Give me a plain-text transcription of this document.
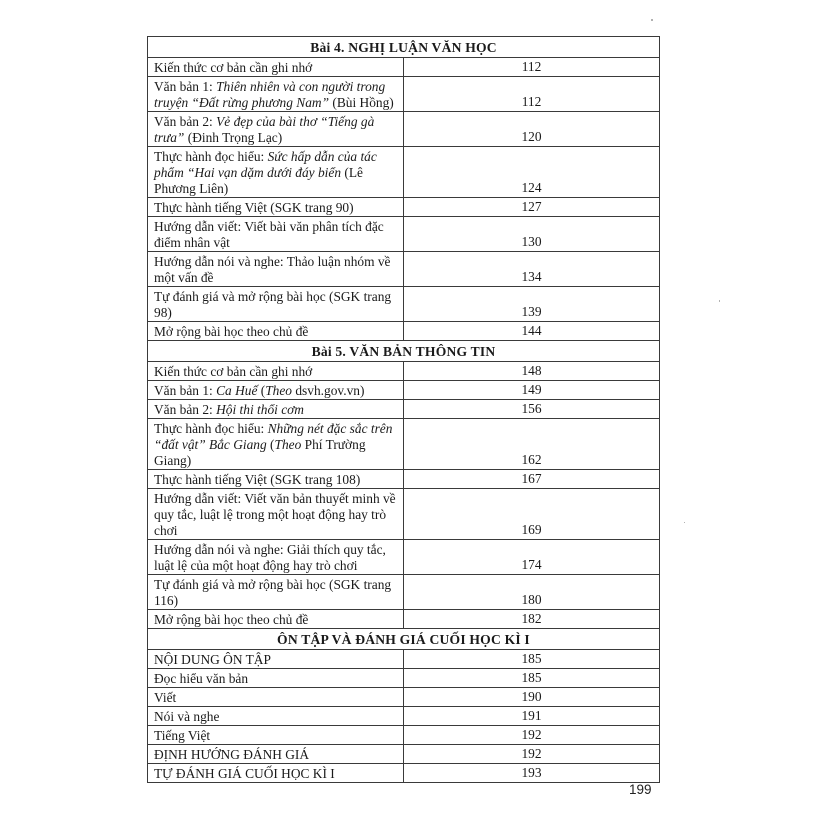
Bài 4. NGHỊ LUẬN VĂN HỌC	
Kiến thức cơ bản cần ghi nhớ	112
Văn bản 1: Thiên nhiên và con người trong truyện “Đất rừng phương Nam” (Bùi Hồng)	112
Văn bản 2: Vẻ đẹp của bài thơ “Tiếng gà trưa” (Đinh Trọng Lạc)	120
Thực hành đọc hiểu: Sức hấp dẫn của tác phẩm “Hai vạn dặm dưới đáy biển (Lê Phương Liên)	124
Thực hành tiếng Việt (SGK trang 90)	127
Hướng dẫn viết: Viết bài văn phân tích đặc điểm nhân vật	130
Hướng dẫn nói và nghe: Thảo luận nhóm về một vấn đề	134
Tự đánh giá và mở rộng bài học (SGK trang 98)	139
Mở rộng bài học theo chủ đề	144
Bài 5. VĂN BẢN THÔNG TIN	
Kiến thức cơ bản cần ghi nhớ	148
Văn bản 1: Ca Huế (Theo dsvh.gov.vn)	149
Văn bản 2: Hội thi thổi cơm	156
Thực hành đọc hiểu: Những nét đặc sắc trên “đất vật” Bắc Giang (Theo Phí Trường Giang)	162
Thực hành tiếng Việt (SGK trang 108)	167
Hướng dẫn viết: Viết văn bản thuyết minh về quy tắc, luật lệ trong một hoạt động hay trò chơi	169
Hướng dẫn nói và nghe: Giải thích quy tắc, luật lệ của một hoạt động hay trò chơi	174
Tự đánh giá và mở rộng bài học (SGK trang 116)	180
Mở rộng bài học theo chủ đề	182
ÔN TẬP VÀ ĐÁNH GIÁ CUỐI HỌC KÌ I	
NỘI DUNG ÔN TẬP	185
Đọc hiểu văn bản	185
Viết	190
Nói và nghe	191
Tiếng Việt	192
ĐỊNH HƯỚNG ĐÁNH GIÁ	192
TỰ ĐÁNH GIÁ CUỐI HỌC KÌ I	193
199
